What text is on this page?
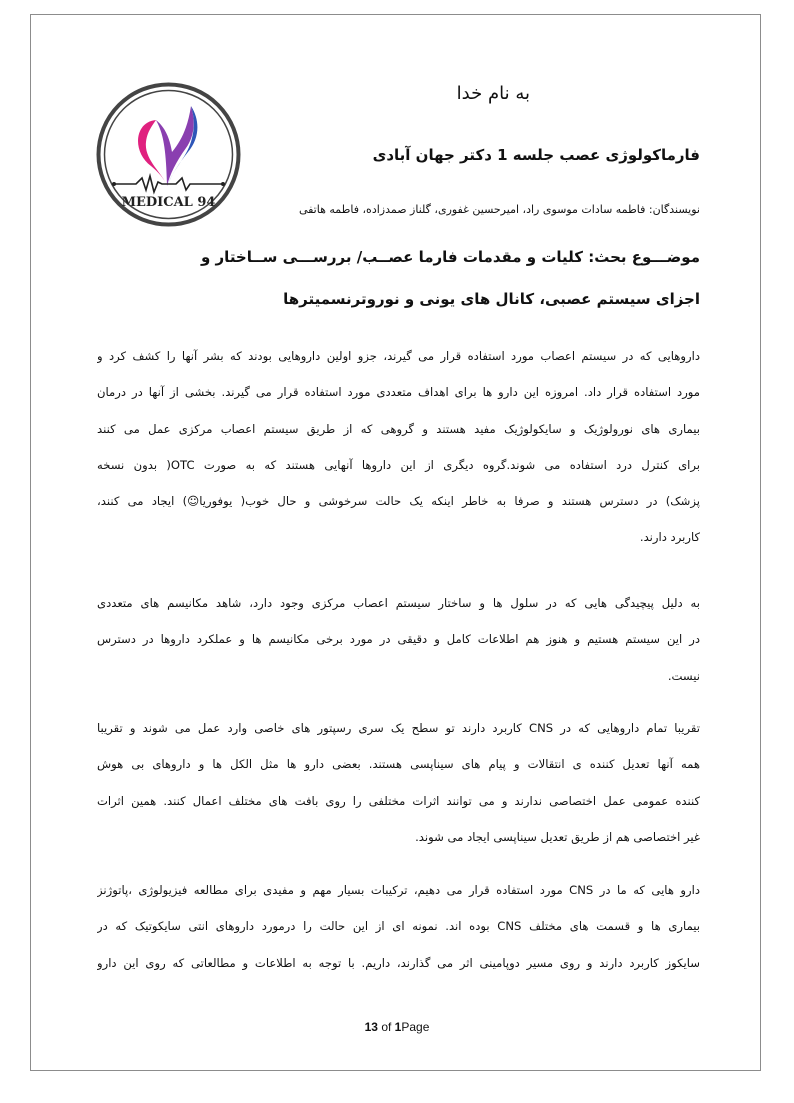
MEDICAL 94
به نام خدا
فارماکولوژی عصب جلسه 1 دکتر جهان آبادی
نویسندگان: فاطمه سادات موسوی راد، امیرحسین غفوری، گلناز صمدزاده، فاطمه هاتفی
موضـــوع بحث: کلیات و مقدمات فارما عصــب/ بررســـی ســاختار و
اجزای سیستم عصبی، کانال های یونی و نوروترنسمیترها
داروهایی که در سیستم اعصاب مورد استفاده قرار می گیرند، جزو اولین داروهایی بودند که بشر آنها را کشف کرد و
مورد استفاده قرار داد. امروزه این دارو ها برای اهداف متعددی مورد استفاده قرار می گیرند. بخشی از آنها در درمان
بیماری های نورولوژیک و سایکولوژیک مفید هستند و گروهی که از طریق سیستم اعصاب مرکزی عمل می کنند
برای کنترل درد استفاده می شوند.گروه دیگری از این داروها آنهایی هستند که به صورت OTC( بدون نسخه
پزشک) در دسترس هستند و صرفا به خاطر اینکه یک حالت سرخوشی و حال خوب( یوفوریا☺) ایجاد می کنند،
کاربرد دارند.
به دلیل پیچیدگی هایی که در سلول ها و ساختار سیستم اعصاب مرکزی وجود دارد، شاهد مکانیسم های متعددی
در این سیستم هستیم و هنوز هم اطلاعات کامل و دقیقی در مورد برخی مکانیسم ها و عملکرد داروها در دسترس
نیست.
تقریبا تمام داروهایی که در CNS کاربرد دارند تو سطح یک سری رسپتور های خاصی وارد عمل می شوند و تقریبا
همه آنها تعدیل کننده ی انتقالات و پیام های سیناپسی هستند. بعضی دارو ها مثل الکل ها و داروهای بی هوش
کننده عمومی عمل اختصاصی ندارند و می توانند اثرات مختلفی را روی بافت های مختلف اعمال کنند. همین اثرات
غیر اختصاصی هم از طریق تعدیل سیناپسی ایجاد می شوند.
دارو هایی که ما در CNS مورد استفاده قرار می دهیم، ترکیبات بسیار مهم و مفیدی برای مطالعه فیزیولوژی ،پاتوژنز
بیماری ها و قسمت های مختلف CNS بوده اند. نمونه ای از این حالت را درمورد داروهای انتی سایکوتیک که در
سایکوز کاربرد دارند و روی مسیر دوپامینی اثر می گذارند، داریم. با توجه به اطلاعات و مطالعاتی که روی این دارو
13 of 1Page
